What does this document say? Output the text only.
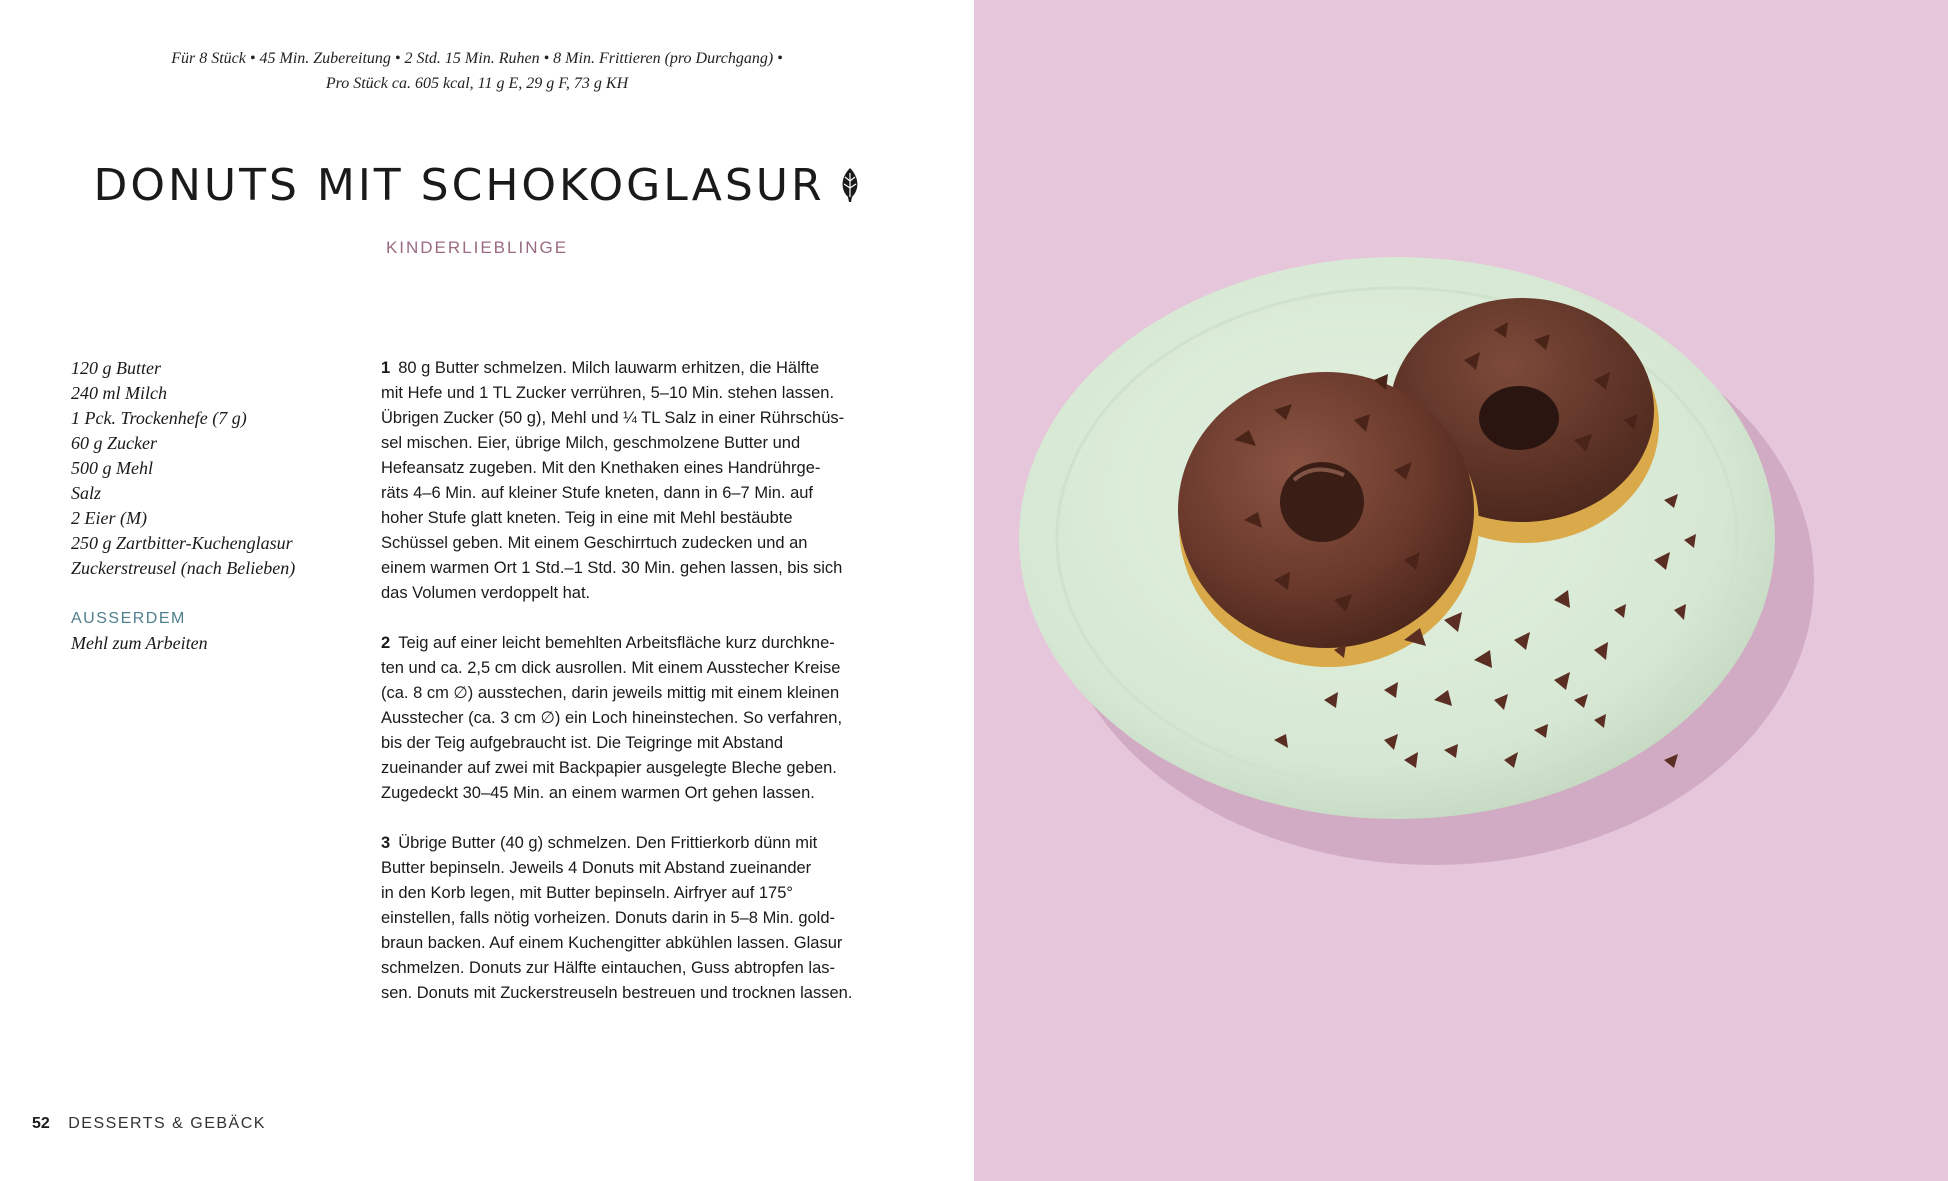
Für 8 Stück • 45 Min. Zubereitung • 2 Std. 15 Min. Ruhen • 8 Min. Frittieren (pro Durchgang) •
Pro Stück ca. 605 kcal, 11 g E, 29 g F, 73 g KH
DONUTS MIT SCHOKOGLASUR
KINDERLIEBLINGE
120 g Butter
240 ml Milch
1 Pck. Trockenhefe (7 g)
60 g Zucker
500 g Mehl
Salz
2 Eier (M)
250 g Zartbitter-Kuchenglasur
Zuckerstreusel (nach Belieben)
AUSSERDEM
Mehl zum Arbeiten
1 80 g Butter schmelzen. Milch lauwarm erhitzen, die Hälfte
mit Hefe und 1 TL Zucker verrühren, 5–10 Min. stehen lassen.
Übrigen Zucker (50 g), Mehl und ¼ TL Salz in einer Rührschüs-
sel mischen. Eier, übrige Milch, geschmolzene Butter und
Hefeansatz zugeben. Mit den Knethaken eines Handrührge-
räts 4–6 Min. auf kleiner Stufe kneten, dann in 6–7 Min. auf
hoher Stufe glatt kneten. Teig in eine mit Mehl bestäubte
Schüssel geben. Mit einem Geschirrtuch zudecken und an
einem warmen Ort 1 Std.–1 Std. 30 Min. gehen lassen, bis sich
das Volumen verdoppelt hat.
2 Teig auf einer leicht bemehlten Arbeitsfläche kurz durchkne-
ten und ca. 2,5 cm dick ausrollen. Mit einem Ausstecher Kreise
(ca. 8 cm ∅) ausstechen, darin jeweils mittig mit einem kleinen
Ausstecher (ca. 3 cm ∅) ein Loch hineinstechen. So verfahren,
bis der Teig aufgebraucht ist. Die Teigringe mit Abstand
zueinander auf zwei mit Backpapier ausgelegte Bleche geben.
Zugedeckt 30–45 Min. an einem warmen Ort gehen lassen.
3 Übrige Butter (40 g) schmelzen. Den Frittierkorb dünn mit
Butter bepinseln. Jeweils 4 Donuts mit Abstand zueinander
in den Korb legen, mit Butter bepinseln. Airfryer auf 175°
einstellen, falls nötig vorheizen. Donuts darin in 5–8 Min. gold-
braun backen. Auf einem Kuchengitter abkühlen lassen. Glasur
schmelzen. Donuts zur Hälfte eintauchen, Guss abtropfen las-
sen. Donuts mit Zuckerstreuseln bestreuen und trocknen lassen.
52 DESSERTS & GEBÄCK
